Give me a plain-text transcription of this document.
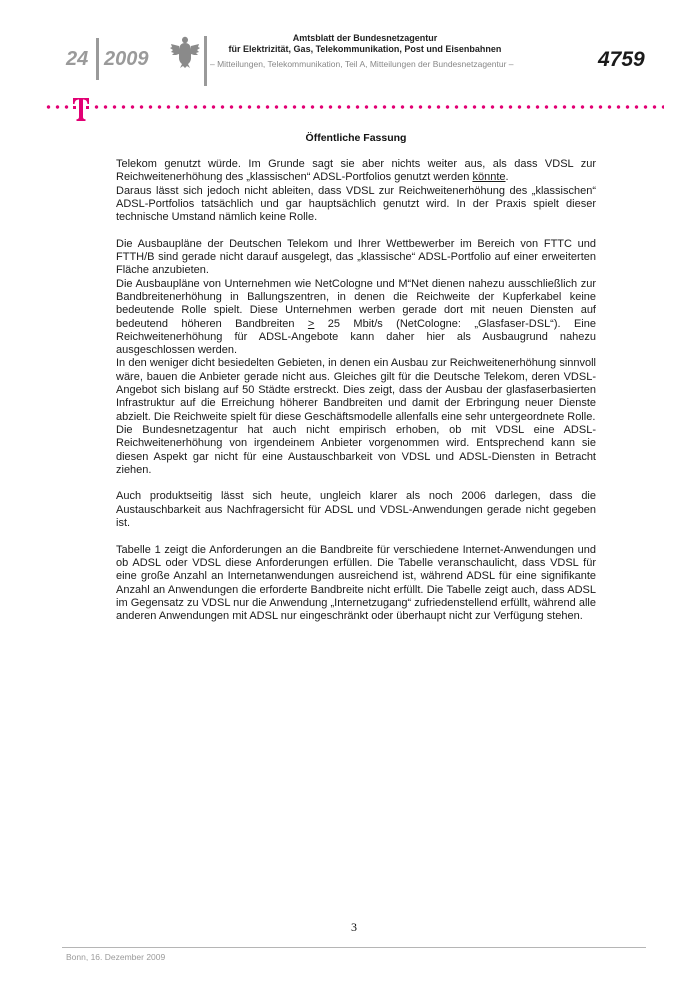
24 2009
Amtsblatt der Bundesnetzagentur
für Elektrizität, Gas, Telekommunikation, Post und Eisenbahnen
– Mitteilungen, Telekommunikation, Teil A, Mitteilungen der Bundesnetzagentur –	4759
Öffentliche Fassung

Telekom genutzt würde. Im Grunde sagt sie aber nichts weiter aus, als dass VDSL zur Reichweitenerhöhung des „klassischen“ ADSL-Portfolios genutzt werden könnte.

Daraus lässt sich jedoch nicht ableiten, dass VDSL zur Reichweitenerhöhung des „klassischen“ ADSL-Portfolios tatsächlich und gar hauptsächlich genutzt wird. In der Praxis spielt dieser technische Umstand nämlich keine Rolle.

Die Ausbaupläne der Deutschen Telekom und Ihrer Wettbewerber im Bereich von FTTC und FTTH/B sind gerade nicht darauf ausgelegt, das „klassische“ ADSL-Portfolio auf einer erweiterten Fläche anzubieten.

Die Ausbaupläne von Unternehmen wie NetCologne und M“Net dienen nahezu ausschließlich zur Bandbreitenerhöhung in Ballungszentren, in denen die Reichweite der Kupferkabel keine bedeutende Rolle spielt. Diese Unternehmen werben gerade dort mit neuen Diensten auf bedeutend höheren Bandbreiten > 25 Mbit/s (NetCologne: „Glasfaser-DSL“). Eine Reichweitenerhöhung für ADSL-Angebote kann daher hier als Ausbaugrund nahezu ausgeschlossen werden.

In den weniger dicht besiedelten Gebieten, in denen ein Ausbau zur Reichweitenerhöhung sinnvoll wäre, bauen die Anbieter gerade nicht aus. Gleiches gilt für die Deutsche Telekom, deren VDSL-Angebot sich bislang auf 50 Städte erstreckt. Dies zeigt, dass der Ausbau der glasfaserbasierten Infrastruktur auf die Erreichung höherer Bandbreiten und damit der Erbringung neuer Dienste abzielt. Die Reichweite spielt für diese Geschäftsmodelle allenfalls eine sehr untergeordnete Rolle.

Die Bundesnetzagentur hat auch nicht empirisch erhoben, ob mit VDSL eine ADSL-Reichweitenerhöhung von irgendeinem Anbieter vorgenommen wird. Entsprechend kann sie diesen Aspekt gar nicht für eine Austauschbarkeit von VDSL und ADSL-Diensten in Betracht ziehen.

Auch produktseitig lässt sich heute, ungleich klarer als noch 2006 darlegen, dass die Austauschbarkeit aus Nachfragersicht für ADSL und VDSL-Anwendungen gerade nicht gegeben ist.

Tabelle 1 zeigt die Anforderungen an die Bandbreite für verschiedene Internet-Anwendungen und ob ADSL oder VDSL diese Anforderungen erfüllen. Die Tabelle veranschaulicht, dass VDSL für eine große Anzahl an Internetanwendungen ausreichend ist, während ADSL für eine signifikante Anzahl an Anwendungen die erforderte Bandbreite nicht erfüllt. Die Tabelle zeigt auch, dass ADSL im Gegensatz zu VDSL nur die Anwendung „Internetzugang“ zufriedenstellend erfüllt, während alle anderen Anwendungen mit ADSL nur eingeschränkt oder überhaupt nicht zur Verfügung stehen.

3
Bonn, 16. Dezember 2009
